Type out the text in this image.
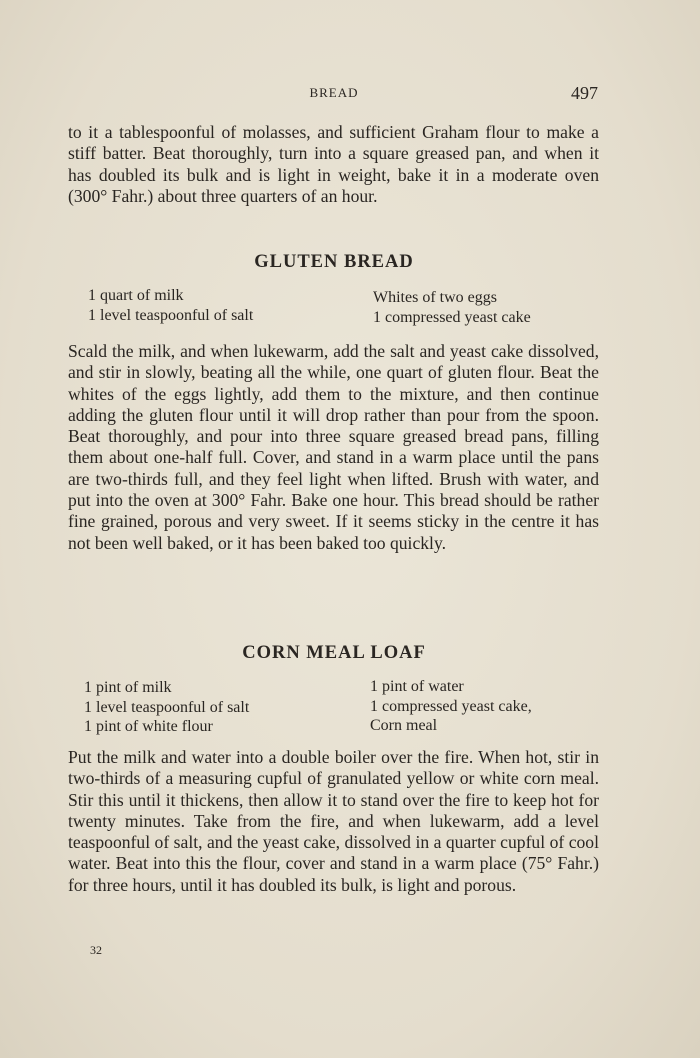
BREAD	497

to it a tablespoonful of molasses, and sufficient Graham flour to make a stiff batter. Beat thoroughly, turn into a square greased pan, and when it has doubled its bulk and is light in weight, bake it in a moderate oven (300° Fahr.) about three quarters of an hour.

GLUTEN BREAD
1 quart of milk
1 level teaspoonful of salt
Whites of two eggs
1 compressed yeast cake

Scald the milk, and when lukewarm, add the salt and yeast cake dissolved, and stir in slowly, beating all the while, one quart of gluten flour. Beat the whites of the eggs lightly, add them to the mixture, and then continue adding the gluten flour until it will drop rather than pour from the spoon. Beat thoroughly, and pour into three square greased bread pans, filling them about one-half full. Cover, and stand in a warm place until the pans are two-thirds full, and they feel light when lifted. Brush with water, and put into the oven at 300° Fahr. Bake one hour. This bread should be rather fine grained, porous and very sweet. If it seems sticky in the centre it has not been well baked, or it has been baked too quickly.

CORN MEAL LOAF
1 pint of milk
1 level teaspoonful of salt
1 pint of white flour
1 pint of water
1 compressed yeast cake,
Corn meal

Put the milk and water into a double boiler over the fire. When hot, stir in two-thirds of a measuring cupful of granulated yellow or white corn meal. Stir this until it thickens, then allow it to stand over the fire to keep hot for twenty minutes. Take from the fire, and when lukewarm, add a level teaspoonful of salt, and the yeast cake, dissolved in a quarter cupful of cool water. Beat into this the flour, cover and stand in a warm place (75° Fahr.) for three hours, until it has doubled its bulk, is light and porous.

32
